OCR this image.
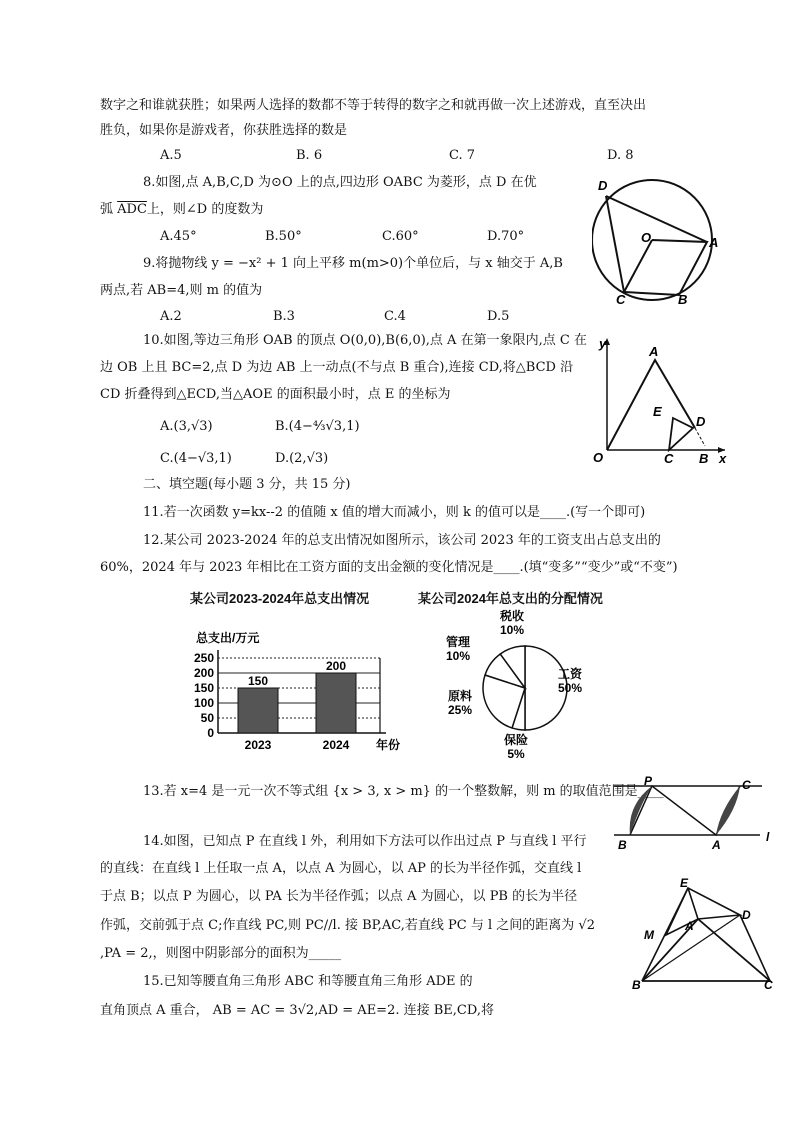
数字之和谁就获胜；如果两人选择的数都不等于转得的数字之和就再做一次上述游戏，直至决出
胜负，如果你是游戏者，你获胜选择的数是
A.5	B. 6	C. 7	D. 8
8.如图,点 A,B,C,D 为⊙O 上的点,四边形 OABC 为菱形，点 D 在优
弧 $\overline{ADC}$上，则∠D 的度数为
A.45°	B.50°	C.60°	D.70°
D
O	A
C	B
9.将抛物线 y = −x² + 1 向上平移 m(m>0)个单位后，与 x 轴交于 A,B
两点,若 AB=4,则 m 的值为
A.2	B.3	C.4	D.5
10.如图,等边三角形 OAB 的顶点 O(0,0),B(6,0),点 A 在第一象限内,点 C 在
边 OB 上且 BC=2,点 D 为边 AB 上一动点(不与点 B 重合),连接 CD,将△BCD 沿
CD 折叠得到△ECD,当△AOE 的面积最小时，点 E 的坐标为
A.(3,√3)	B.(4−⁴⁄₃√3,1)
C.(4−√3,1)	D.(2,√3)
y
A
E
D
O	C B x
二、填空题(每小题 3 分，共 15 分)
11.若一次函数 y=kx--2 的值随 x 值的增大而减小，则 k 的值可以是____.(写一个即可)
12.某公司 2023-2024 年的总支出情况如图所示，该公司 2023 年的工资支出占总支出的
60%，2024 年与 2023 年相比在工资方面的支出金额的变化情况是____.(填“变多”“变少”或“不变”)
某公司2023-2024年总支出情况	某公司2024年总支出的分配情况
总支出/万元
0
50
100
150
200
250
150
2023
200
2024 年份
工资
50%
保险
5%
原料
25%
管理
10%
税收
10%
13.若 x=4 是一元一次不等式组 {x > 3, x > m} 的一个整数解，则 m 的取值范围是____
P	C
B	A
l
14.如图，已知点 P 在直线 l 外，利用如下方法可以作出过点 P 与直线 l 平行
的直线：在直线 l 上任取一点 A，以点 A 为圆心，以 AP 的长为半径作弧，交直线 l
于点 B；以点 P 为圆心，以 PA 长为半径作弧；以点 A 为圆心，以 PB 的长为半径
作弧，交前弧于点 C;作直线 PC,则 PC//l. 接 BP,AC,若直线 PC 与 l 之间的距离为 √2
,PA = 2,，则图中阴影部分的面积为_____
15.已知等腰直角三角形 ABC 和等腰直角三角形 ADE 的
直角顶点 A 重合， AB = AC = 3√2,AD = AE=2. 连接 BE,CD,将
E
M
A
D
B	C
